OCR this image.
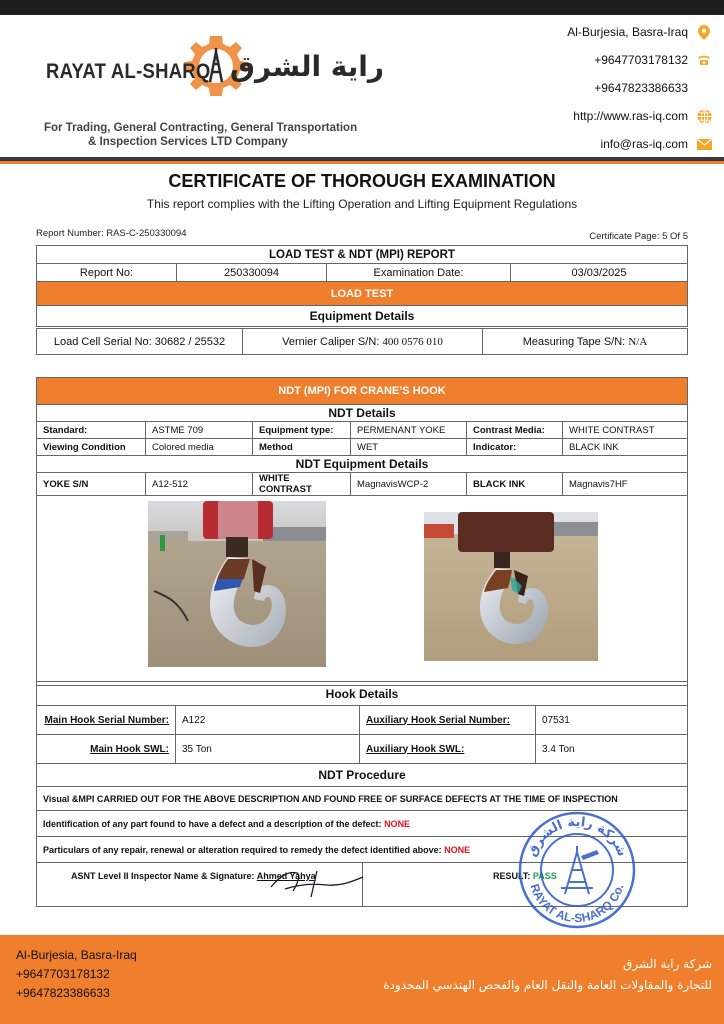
RAYAT AL-SHARQ راية الشرق
For Trading, General Contracting, General Transportation
& Inspection Services LTD Company
Al-Burjesia, Basra-Iraq
+9647703178132
+9647823386633
http://www.ras-iq.com
info@ras-iq.com
CERTIFICATE OF THOROUGH EXAMINATION
This report complies with the Lifting Operation and Lifting Equipment Regulations
Report Number: RAS-C-250330094	Certificate Page: 5 Of 5
LOAD TEST & NDT (MPI) REPORT
Report No:	250330094	Examination Date:	03/03/2025
LOAD TEST
Equipment Details
Load Cell Serial No: 30682 / 25532	Vernier Caliper S/N: 400 0576 010	Measuring Tape S/N: N/A
NDT (MPI) FOR CRANE’S HOOK					
NDT Details					
Standard:	ASTME 709	Equipment type:	PERMENANT YOKE	Contrast Media:	WHITE CONTRAST
Viewing Condition	Colored media	Method	WET	Indicator:	BLACK INK
NDT Equipment Details					
YOKE S/N	A12-512	WHITE CONTRAST	MagnavisWCP-2	BLACK INK	Magnavis7HF

Hook Details			
Main Hook Serial Number:	A122	Auxiliary Hook Serial Number:	07531
Main Hook SWL:	35 Ton	Auxiliary Hook SWL:	3.4 Ton
NDT Procedure
Visual &MPI CARRIED OUT FOR THE ABOVE DESCRIPTION AND FOUND FREE OF SURFACE DEFECTS AT THE TIME OF INSPECTION
Identification of any part found to have a defect and a description of the defect: NONE
Particulars of any repair, renewal or alteration required to remedy the defect identified above: NONE
ASNT Level II Inspector Name & Signature: Ahmed Yahya	RESULT: PASS
شركة راية الشرق
RAYAT AL-SHARQ Co.
Al-Burjesia, Basra-Iraq
+9647703178132
+9647823386633
شركة راية الشرق
للتجارة والمقاولات العامة والنقل العام والفحص الهندسي المحدودة
